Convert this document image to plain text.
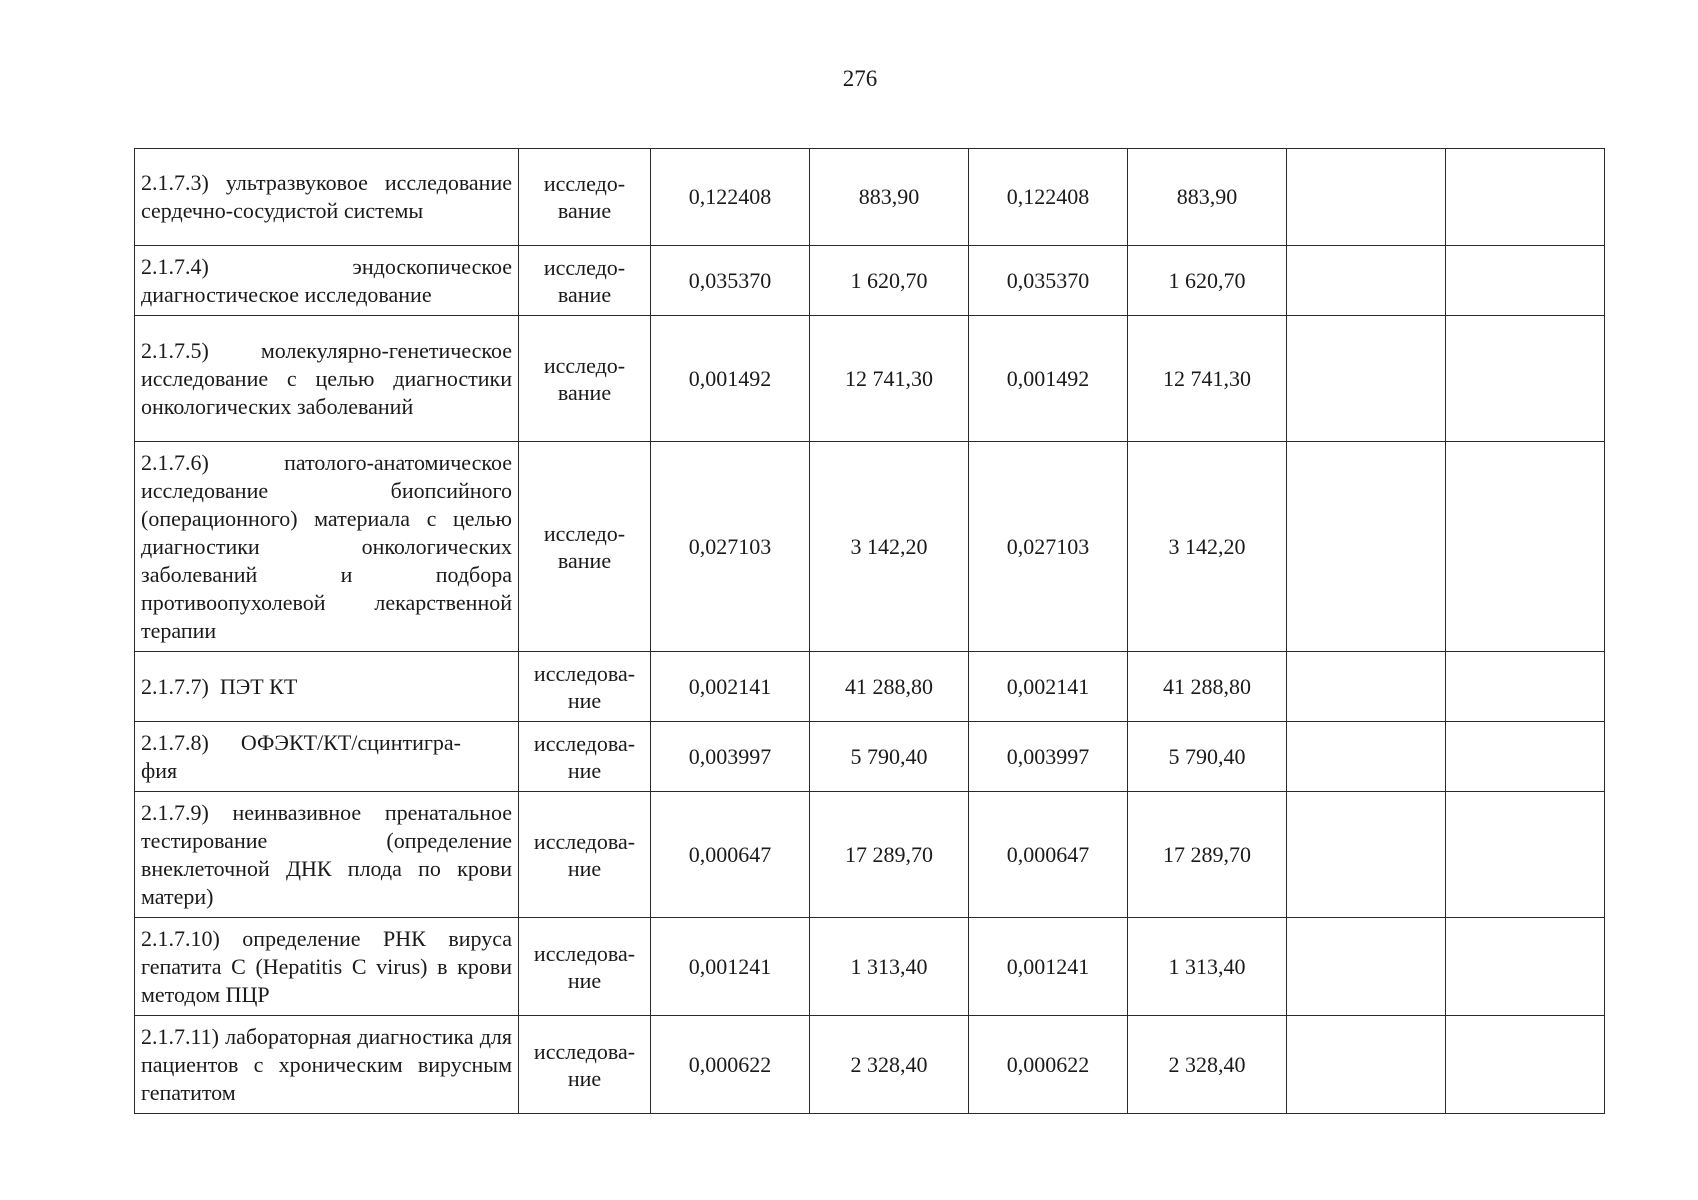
276
2.1.7.3) ультразвуковое исследование сердечно-сосудистой системы	исследо-вание	0,122408	883,90	0,122408	883,90		
2.1.7.4) эндоскопическое диагностическое исследование	исследо-вание	0,035370	1 620,70	0,035370	1 620,70		
2.1.7.5) молекулярно-генетическое исследование с целью диагностики онкологических заболеваний	исследо-вание	0,001492	12 741,30	0,001492	12 741,30		
2.1.7.6) патолого-анатомическое исследование биопсийного (операционного) материала с целью диагностики онкологических заболеваний и подбора противоопухолевой лекарственной терапии	исследо-вание	0,027103	3 142,20	0,027103	3 142,20		
2.1.7.7)  ПЭТ КТ	исследова-ние	0,002141	41 288,80	0,002141	41 288,80		
2.1.7.8)  ОФЭКТ/КТ/сцинтигра-фия	исследова-ние	0,003997	5 790,40	0,003997	5 790,40		
2.1.7.9) неинвазивное пренатальное тестирование (определение внеклеточной ДНК плода по крови матери)	исследова-ние	0,000647	17 289,70	0,000647	17 289,70		
2.1.7.10) определение РНК вируса гепатита С (Hepatitis C virus) в крови методом ПЦР	исследова-ние	0,001241	1 313,40	0,001241	1 313,40		
2.1.7.11) лабораторная диагностика для пациентов с хроническим вирусным гепатитом	исследова-ние	0,000622	2 328,40	0,000622	2 328,40		
